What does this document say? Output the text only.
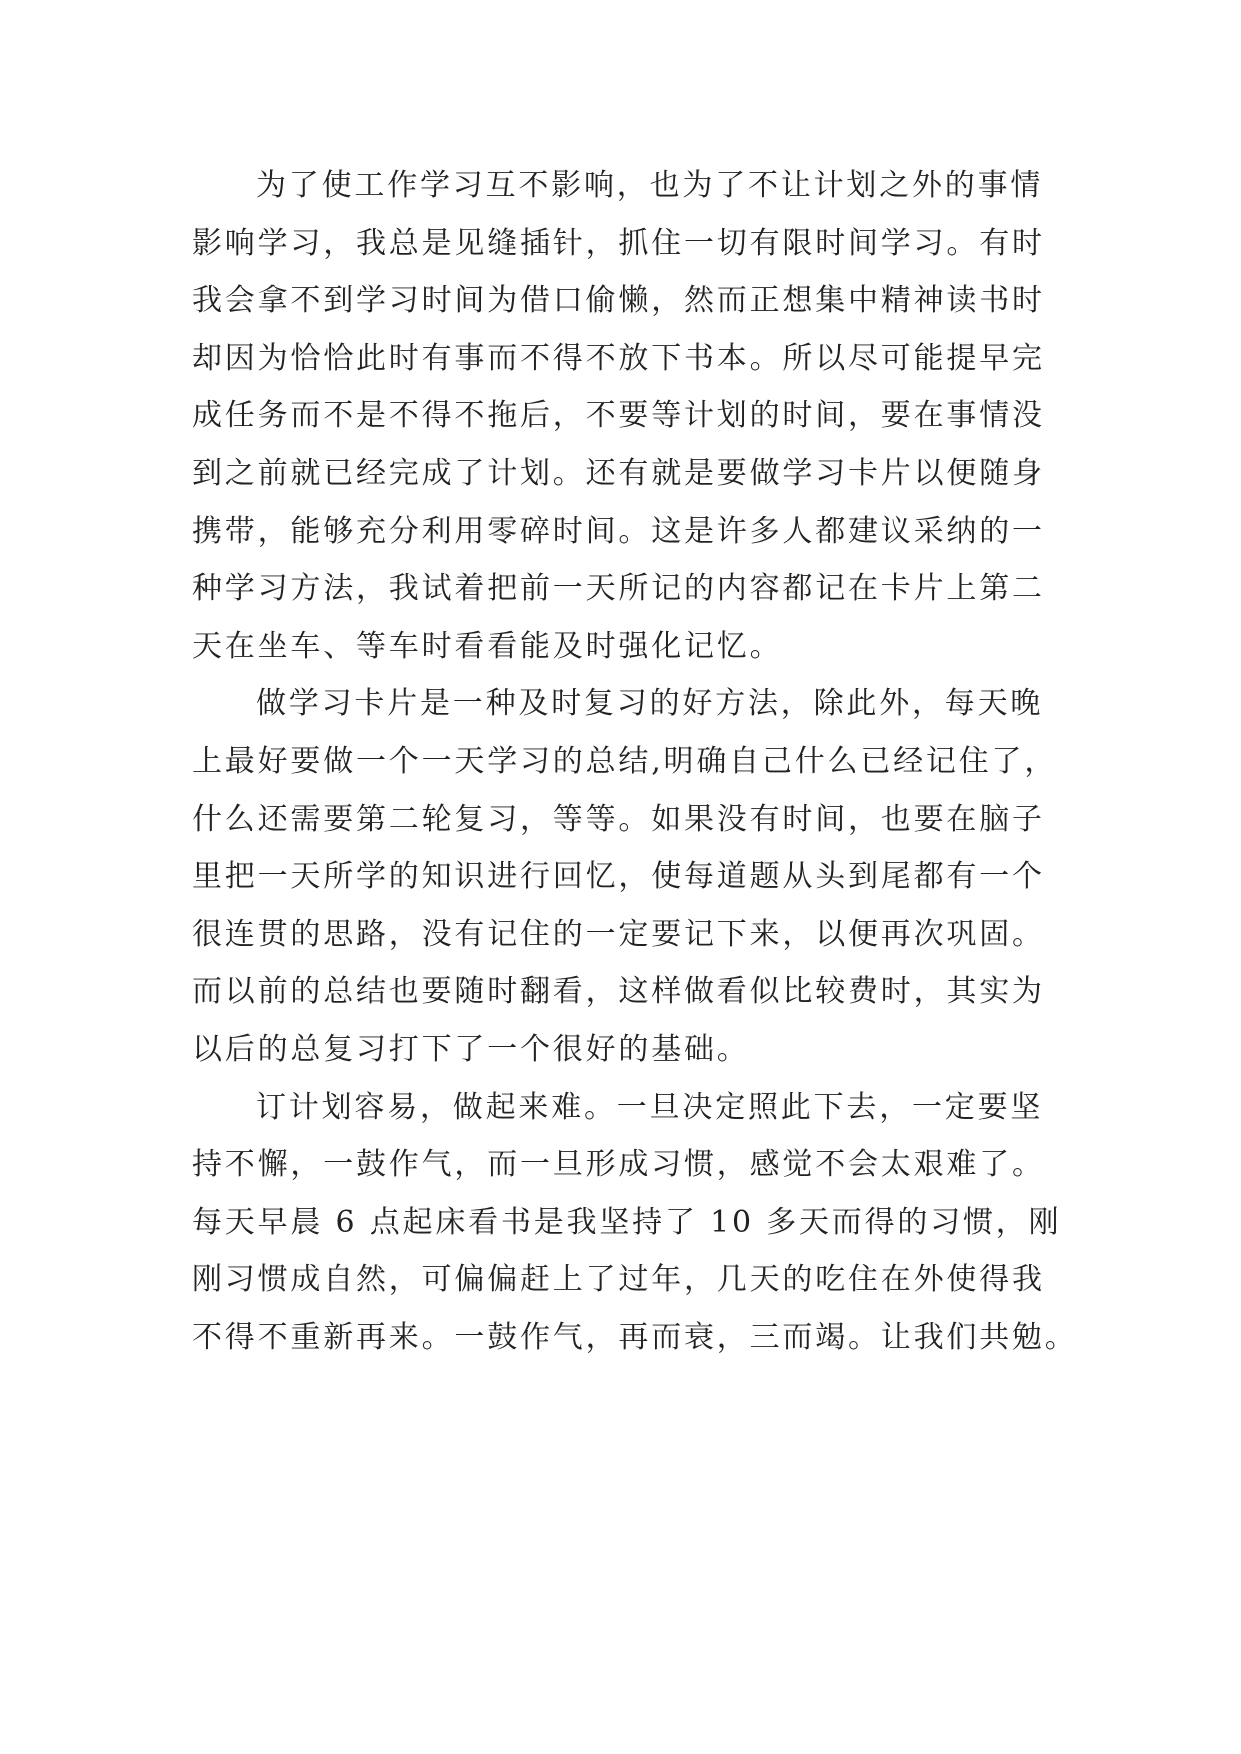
为了使工作学习互不影响，也为了不让计划之外的事情
影响学习，我总是见缝插针，抓住一切有限时间学习。有时
我会拿不到学习时间为借口偷懒，然而正想集中精神读书时
却因为恰恰此时有事而不得不放下书本。所以尽可能提早完
成任务而不是不得不拖后，不要等计划的时间，要在事情没
到之前就已经完成了计划。还有就是要做学习卡片以便随身
携带，能够充分利用零碎时间。这是许多人都建议采纳的一
种学习方法，我试着把前一天所记的内容都记在卡片上第二
天在坐车、等车时看看能及时强化记忆。
做学习卡片是一种及时复习的好方法，除此外，每天晚
上最好要做一个一天学习的总结,明确自己什么已经记住了，
什么还需要第二轮复习，等等。如果没有时间，也要在脑子
里把一天所学的知识进行回忆，使每道题从头到尾都有一个
很连贯的思路，没有记住的一定要记下来，以便再次巩固。
而以前的总结也要随时翻看，这样做看似比较费时，其实为
以后的总复习打下了一个很好的基础。
订计划容易，做起来难。一旦决定照此下去，一定要坚
持不懈，一鼓作气，而一旦形成习惯，感觉不会太艰难了。
每天早晨 6 点起床看书是我坚持了 10 多天而得的习惯，刚
刚习惯成自然，可偏偏赶上了过年，几天的吃住在外使得我
不得不重新再来。一鼓作气，再而衰，三而竭。让我们共勉。
